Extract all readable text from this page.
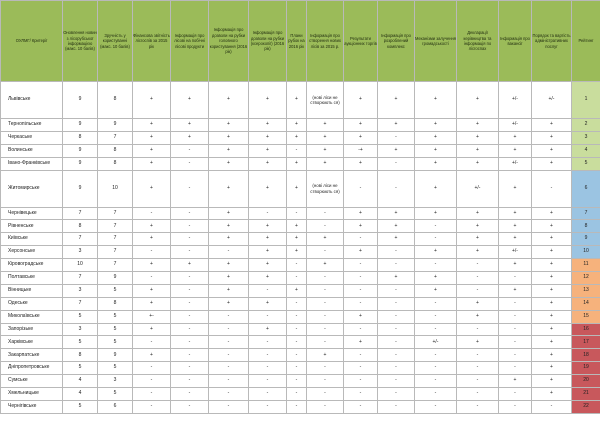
ОУЛМГ/ Критерії	Оновлення новин з лісорубської інформацією (макс. 10 балів)	Зручність у користуванні (макс. 10 балів)	Фінансова звітність лісгоспів за 2015 рік	Інформація про лісові на побічні лісові продукти	Інформація про дозволи на рубки головного користування (2016 рік)	Інформація про дозволи на рубки (ксерокопії) (2016 рік)	Плани рубок на 2016 рік	Інформація про створення нових лісів за 2015 р.	Результати аукціонних торгів	Інформація про розроблений комплекс	Механізми залучення громадськості	Декларації керівництва та інформація по лісгоспах	Інформація про вакансії	Порядок та вартість адміністративних послуг	Рейтинг
Львівське	9	8	+	+	+	+	+	(нові ліси не створюють ся)	+	+	+	+	+/-	+/-	1
Тернопільське	9	9	+	+	+	+	+	+	+	+	+	+	+/-	+	2
Черкаське	8	7	+	+	+	+	+	+	+	-	+	+	+	+	3
Волинське	9	8	+	-	+	+	-	+	-+	+	+	+	+	+	4
Івано-Франківське	9	8	+	-	+	+	+	+	+	-	+	+	+/-	+	5
Житомирське	9	10	+	-	+	+	+	(нові ліси не створюють ся)	-	-	+	+/-	+	-	6
Чернівецьке	7	7	-	-	+	-	-	-	+	+	+	+	+	+	7
Рівненське	8	7	+	-	+	+	+	-	+	+	-	+	+	+	8
Київське	7	7	+	-	+	+	+	+	-	+	-	+	+	+	9
Херсонське	3	7	-	-	-	+	+	-	+	-	+	+	+/-	+	10
Кіровоградське	10	7	+	+	+	+	-	+	-	-	-	-	+	+	11
Полтавське	7	9	-	-	+	+	-	-	-	+	+	-	-	+	12
Вінницьке	3	5	+	-	+	-	+	-	-	-	+	-	+	+	13
Одеське	7	8	+	-	+	+	-	-	-	-	-	+	-	+	14
Миколаївське	5	5	+-	-	-	-	-	-	+	-	-	+	-	+	15
Запорізьке	3	5	+	-	-	+	-	-	-	-	-	-	-	+	16
Харківське	5	5	-	-	-	-	-	-	+	-	+/-	+	-	+	17
Закарпатське	8	9	+	-	-	-	-	+	-	-	-	-	-	+	18
Дніпропетровське	5	5	-	-	-	-	-	-	-	-	-	-	-	+	19
Сумське	4	3	-	-	-	-	-	-	-	-	-	-	+	+	20
Хмельницьке	4	5	-	-	-	-	-	-	-	-	-	-	-	+	21
Чернігівське	5	6	-	-	-	-	-	-	-	-	-	-	-	-	22
